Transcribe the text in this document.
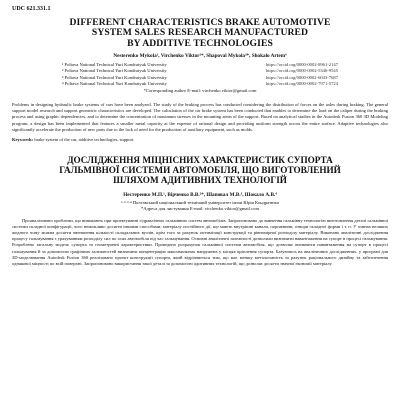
UDC 621.331.1
DIFFERENT CHARACTERISTICS BRAKE AUTOMOTIVE
SYSTEM SALES RESEARCH MANUFACTURED
BY ADDITIVE TECHNOLOGIES
Nesterenko Mykola¹, Virchenko Viktor²*, Shapoval Mykola³*, Shokalo Artem⁴
¹ Poltava National Technical Yuri Kondratyuk University	https://orcid.org/0000-0002-8961-2147
² Poltava National Technical Yuri Kondratyuk University	https://orcid.org/0000-0002-5346-9545
³ Poltava National Technical Yuri Kondratyuk University	https://orcid.org/0000-0002-6043-7687
⁴ Poltava National Technical Yuri Kondratyuk University	https://orcid.org/0000-0002-7971-5724
*Corresponding author E-mail: virchenko.viktor@gmail.com
Problems in designing hydraulic brake systems of cars have been analyzed. The study of the braking process has conducted considering the distribution of forces on the axles during braking. The general support model research and support geometric characteristics are developed. The calculation of the car brake system has been conducted that enables to determine the load on the caliper during the braking process and using graphic dependencies, and to determine the concentration of maximum stresses in the mounting areas of the support. Based on analytical studies in the Autodesk Fusion 360 3D Modeling program, a design has been implemented that features a smaller metal capacity at the expense of rational design and providing uniform strength across the entire surface. Adaptive technologies also significantly accelerate the production of new parts due to the lack of need for the production of auxiliary equipment, such as molds.
Keywords: brake system of the car, additive technologies, support.
ДОСЛІДЖЕННЯ МІЦНІСНИХ ХАРАКТЕРИСТИК СУПОРТА
ГАЛЬМІВНОЇ СИСТЕМИ АВТОМОБІЛЯ, ЩО ВИГОТОВЛЕНИЙ
ШЛЯХОМ АДИТИВНИХ ТЕХНОЛОГІЙ
Нестеренко М.П.¹, Вірченко В.В.²*, Шаповал М.В.³, Шокало А.В.⁴
¹·²·³·⁴ Полтавський національний технічний університет імені Юрія Кондратюка
*Адреса для листування E-mail: virchenko.viktor@gmail.com
Проаналізовано проблеми, що виникають при проектуванні гідравлічних гальмівних систем автомобілів. Запропоновано до вивчення гальмівну технологію виготовлення деталі гальмівної системи складної конфігурації, чого неможливо досягти іншими способами; матеріалу постійного дії, що мають внутрішні канали, порожнини, отвори складної форми і т. п. У зоннах великих жодного чому можна досягти зменшення кількості складальних вузлів, крім того за рахунок оптимізації конструкції та рівномірної розподілу матеріалу. Виконано аналітичні дослідження процесу гальмування з урахуванням розподілу сил по осях автомобіля під час гальмування. Основні аналітичні залежності дозволили визначити навантаження на супорт в процесі гальмування. Розроблено загальну модель супорта та геометричні характеристики. Проведено розрахунок гальмівної системи автомобіля, що дозволяє визначити навантаження на супорт в процесі гальмування й за допомогою графічних залежностей визначити концентрацію максимальних напружень у місцях кріплення супорта. Базуючись на аналітичних дослідженнях, у програмі для 3D-моделювання Autodesk Fusion 360 реалізовано проект конструкції супорта, який відрізняється тим, що має меншу металоємність за рахунок раціонального дизайну та забезпечення однакової міцності по всій поверхні. Запропоновано використання такої деталі за допомогою адитивних технологій, що дозволяє досягти значної економії матеріалу.
